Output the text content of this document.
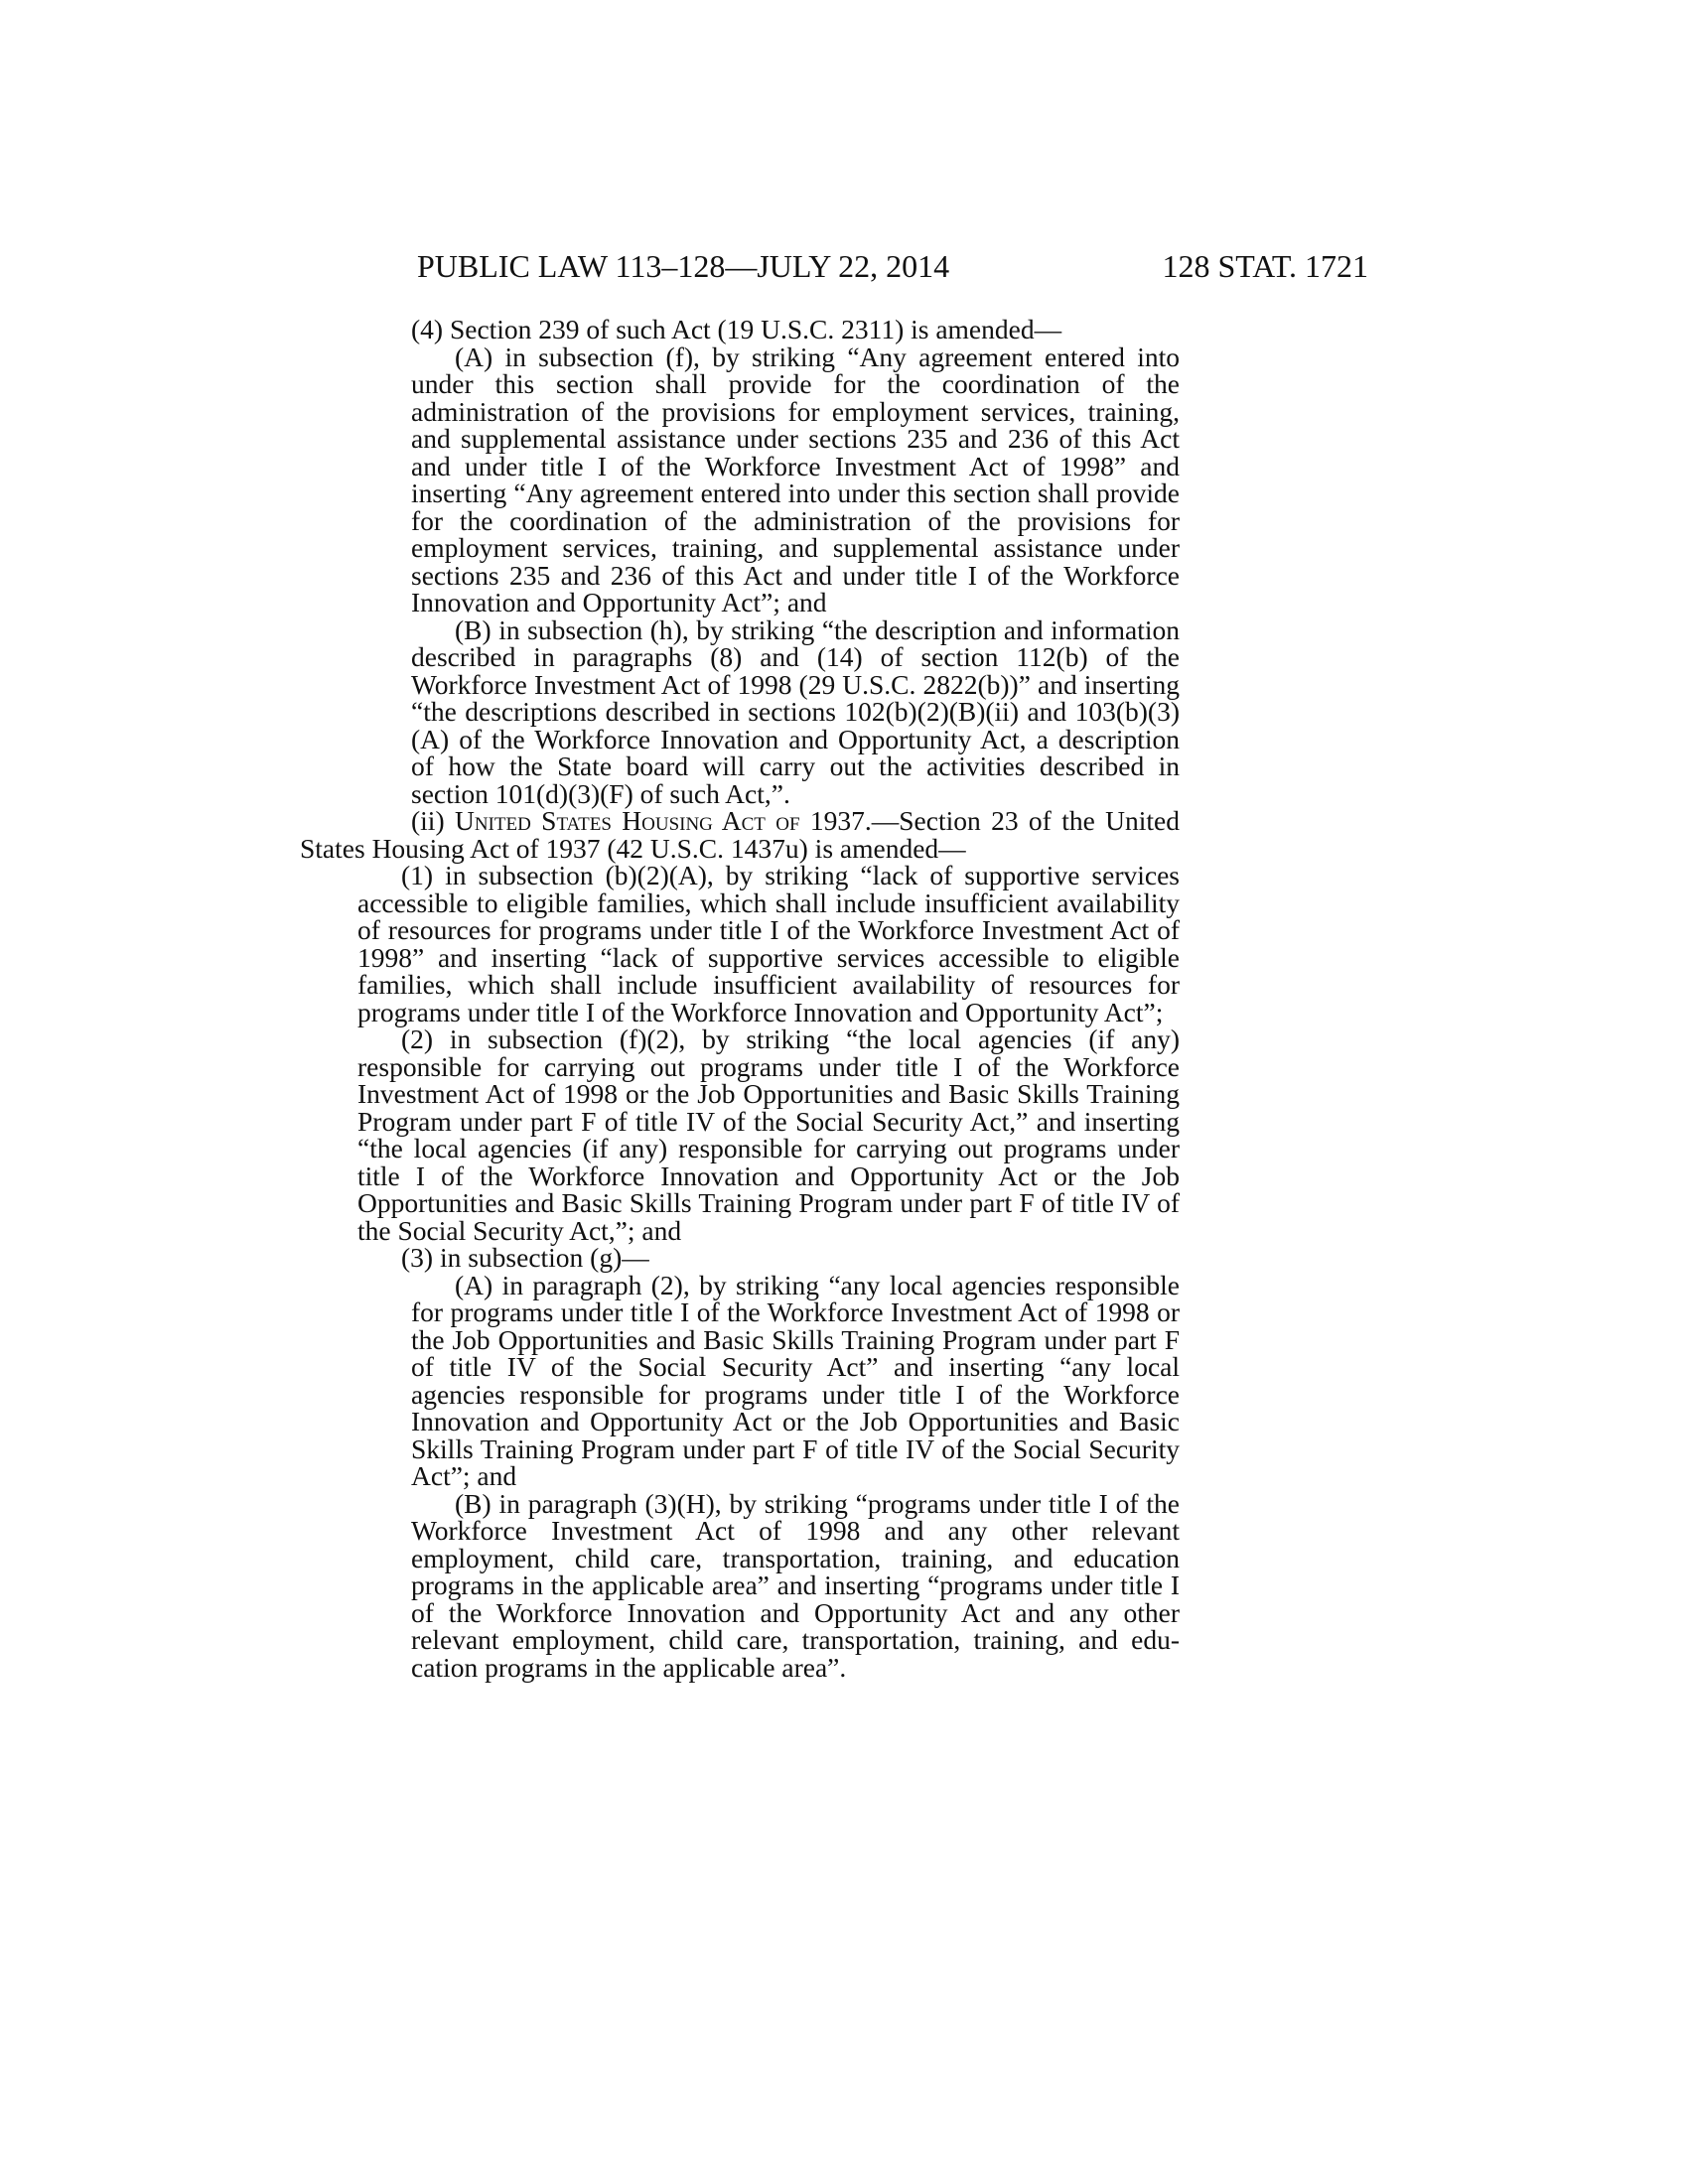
PUBLIC LAW 113–128—JULY 22, 2014	128 STAT. 1721

(4) Section 239 of such Act (19 U.S.C. 2311) is amended—

(A) in subsection (f), by striking “Any agreement entered into under this section shall provide for the coordination of the administration of the provisions for employment services, training, and supplemental assistance under sections 235 and 236 of this Act and under title I of the Workforce Investment Act of 1998” and inserting “Any agreement entered into under this section shall provide for the coordination of the administration of the provisions for employment services, training, and supplemental assistance under sections 235 and 236 of this Act and under title I of the Workforce Innovation and Opportunity Act”; and

(B) in subsection (h), by striking “the description and information described in paragraphs (8) and (14) of section 112(b) of the Workforce Investment Act of 1998 (29 U.S.C. 2822(b))” and inserting “the descriptions described in sections 102(b)(2)(B)(ii) and 103(b)(3)(A) of the Workforce Innovation and Opportunity Act, a description of how the State board will carry out the activities described in section 101(d)(3)(F) of such Act,”.

(ii) United States Housing Act of 1937.—Section 23 of the United States Housing Act of 1937 (42 U.S.C. 1437u) is amended—

(1) in subsection (b)(2)(A), by striking “lack of supportive services accessible to eligible families, which shall include insufficient availability of resources for programs under title I of the Workforce Investment Act of 1998” and inserting “lack of supportive services accessible to eligible families, which shall include insufficient availability of resources for programs under title I of the Workforce Innovation and Opportunity Act”;

(2) in subsection (f)(2), by striking “the local agencies (if any) responsible for carrying out programs under title I of the Workforce Investment Act of 1998 or the Job Opportunities and Basic Skills Training Program under part F of title IV of the Social Security Act,” and inserting “the local agencies (if any) responsible for carrying out programs under title I of the Workforce Innovation and Opportunity Act or the Job Opportunities and Basic Skills Training Program under part F of title IV of the Social Security Act,”; and

(3) in subsection (g)—

(A) in paragraph (2), by striking “any local agencies responsible for programs under title I of the Workforce Investment Act of 1998 or the Job Opportunities and Basic Skills Training Program under part F of title IV of the Social Security Act” and inserting “any local agencies responsible for programs under title I of the Workforce Innovation and Opportunity Act or the Job Opportunities and Basic Skills Training Program under part F of title IV of the Social Security Act”; and

(B) in paragraph (3)(H), by striking “programs under title I of the Workforce Investment Act of 1998 and any other relevant employment, child care, transportation, training, and education programs in the applicable area” and inserting “programs under title I of the Workforce Innovation and Opportunity Act and any other relevant employment, child care, transportation, training, and education programs in the applicable area”.
